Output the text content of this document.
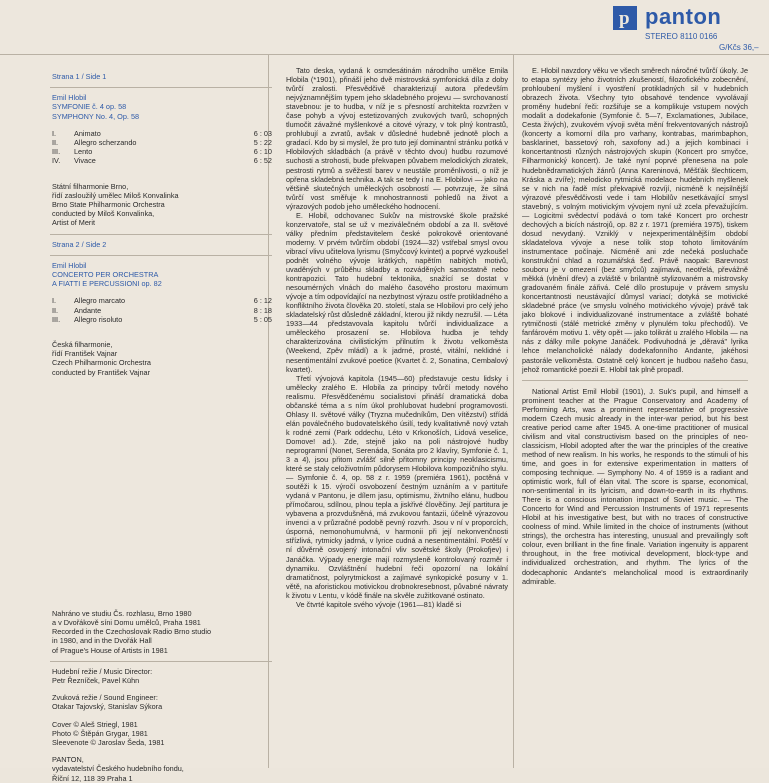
p panton
STEREO 8110 0166
G/Kčs 36,–
Strana 1 / Side 1
Emil Hlobil
SYMFONIE č. 4 op. 58
SYMPHONY No. 4, Op. 58
I. Animato	6 : 03
II. Allegro scherzando	5 : 22
III. Lento	6 : 10
IV. Vivace	6 : 52
Státní filharmonie Brno,
řídí zasloužilý umělec Miloš Konvalinka
Brno State Philharmonic Orchestra
conducted by Miloš Konvalinka,
Artist of Merit
Strana 2 / Side 2
Emil Hlobil
CONCERTO PER ORCHESTRA
A FIATTI E PERCUSSIONI op. 82
I. Allegro marcato	6 : 12
II. Andante	8 : 18
III. Allegro risoluto	5 : 05
Česká filharmonie,
řídí František Vajnar
Czech Philharmonic Orchestra
conducted by František Vajnar
Nahráno ve studiu Čs. rozhlasu, Brno 1980
a v Dvořákově síni Domu umělců, Praha 1981
Recorded in the Czechoslovak Radio Brno studio
in 1980, and in the Dvořák Hall
of Prague's House of Artists in 1981
Hudební režie / Music Director:
Petr Řezníček, Pavel Kühn
Zvuková režie / Sound Engineer:
Otakar Tajovský, Stanislav Sýkora
Cover © Aleš Striegl, 1981
Photo © Štěpán Grygar, 1981
Sleevenote © Jaroslav Šeda, 1981
PANTON,
vydavatelství Českého hudebního fondu,
Říční 12, 118 39 Praha 1

Tato deska, vydaná k osmdesátinám národního umělce Emila Hlobila (*1901), přináší jeho dvě mistrovská symfonická díla z doby tvůrčí zralosti. Přesvědčivě charakterizují autora především nejvýznamnějším typem jeho skladebného projevu — svrchovaností stavebnou: je to hudba, v níž je s přesností architekta rozvržen v čase pohyb a vývoj estetizovaných zvukových tvarů, schopných tlumočit závažné myšlenkové a citové výrazy, v tok plný kontrastů, prohlubují a zvratů, avšak v důsledné hudebně jednotě ploch a gradací. Kdo by si myslel, že pro tuto její dominantní stránku potká v Hlobilových skladbách (a právě v těchto dvou) hudbu rozumové suchosti a strohosti, bude překvapen půvabem melodických zkratek, pestrosti rytmů a svěžestí barev v neustále proměnlivosti, o níž je opřena skladebná technika. A tak se tedy i na E. Hlobilovi — jako na většině skutečných uměleckých osobností — potvrzuje, že silná tvůrčí vost směřuje k mnohostrannosti pohledů na život a výrazových podob jeho uměleckého hodnocení.

E. Hlobil, odchovanec Sukův na mistrovské škole pražské konzervatoře, stal se už v meziválečném období a za II. světové války předním představitelem české pokrokově orientované moderny. V prvém tvůrčím období (1924—32) vstřebal smysl ovou vibrací vlivu učitelova lyrismu (Smyčcový kvintet) a poprvé vyzkoušel podnět volného vývoje krátkých, napětím nabitých motivů, uvaděných v průběhu skladby a rozváděných samostatně nebo kontrapozici. Tato hudební tektonika, snažící se dostat v nesoumérných vlnách do malého časového prostoru maximum vývoje a tím odpovídající na nezbytnost výrazu ostře protikladného a konfliktního života člověka 20. století, stala se Hlobilovi pro celý jeho skladatelský růst důsledně základní, kterou již nikdy nezrušil. — Léta 1933—44 představovala kapitolu tvůrčí individualizace a uměleckého prosazení se. Hlobilova hudba je tehdy charakterizována civilistickým přilnutím k životu velkoměsta (Weekend, Zpěv mládí) a k jadrné, prosté, vitální, neklidné i nesentimentální zvukové poetice (Kvartet č. 2, Sonatina, Cembalový kvartet).

Třetí vývojová kapitola (1945—60) představuje cestu lidsky i umělecky zralého E. Hlobila za principy tvůrčí metody nového realismu. Přesvědčenému socialistovi přináší dramatická doba občanské téma a s ním úkol prohlubovat hudební programovosti. Ohlasy II. světové války (Tryzna mučedníkům, Den vítězství) střídá elán poválečného budovatelského úsilí, tedy kvalitativně nový vztah k rodné zemi (Park oddechu, Léto v Krkonoších, Lidová veselice, Domove! ad.). Zde, stejně jako na poli nástrojové hudby neprogramní (Nonet, Serenáda, Sonáta pro 2 klavíry, Symfonie č. 1, 3 a 4), jsou přitom zvlášť silně přitomny principy neoklasicismu, které se staly celoživotním půdorysem Hlobilova kompozičního stylu. — Symfonie č. 4, op. 58 z r. 1959 (premiéra 1961), poctěná v soutěži k 15. výročí osvobození čestným uznáním a v partituře vydaná v Pantonu, je dílem jasu, optimismu, živtního elánu, hudbou přímočarou, sdílnou, plnou tepla a jiskřivé člověčiny. Její partitura je vybavena a prozvdušněná, má zvukovou fantazii, účelně výrazovou invenci a v průzračné podobě pevný rozvrh. Jsou v ní v proporcích, úsporná, nemonohumulvná, v harmonii při její nekonvenčnosti střízlivá, rytmicky jadrná, v lyrice cudná a nesentimentální. Potěší v ní důvěrně osvojený intonační vliv sovětské školy (Prokofjev) i Janáčka. Výpady energie mají rozmysleně kontrolovaný rozměr i dynamiku. Ozvláštnění hudební řeči opozorní na lokální dramatičnost, polyrytmickost a zajímavé synkopické posuny v 1. větě, na aforistickou motivickou drobnokresebnost, půvabné návraty k životu v Lentu, v kódě finále na skvěle zužitkované ostinato.

Ve čtvrté kapitole svého vývoje (1961—81) kladě si

E. Hlobil navzdory věku ve všech směrech náročné tvůrčí úkoly. Je to etapa syntézy jeho životních zkušeností, filozofického zobecnění, prohloubení myšlení i vyostření protikladných sil v hudebních obrazech života. Všechny tyto obsahové tendence vyvolávají proměny hudební řeči: rozšiřuje se a komplikuje vstupem nových modalit a dodekafonie (Symfonie č. 5—7, Exclamationes, Jubilace, Cesta živých), zvukovém vývoji světa mění frekventovaných nástrojů (koncerty a komorní díla pro varhany, kontrabas, marimbaphon, basklarinet, bassetový roh, saxofony ad.) a jejich kombinaci i koncertantnosti různých nástrojových skupin (Koncert pro smyčce, Filharmonický koncert). Je také nyní poprvé přenesena na pole hudebnědramatických žánrů (Anna Kareninová, Měšťák šlechticem, Kráska a zvíře); melodicko rytmická modelace hudebních myšlenek se v nich na řadě míst překvapivě rozvíjí, nicméně k nejsilnější výrazové přesvědčivosti vede i tam Hlobilův nesetkávající smysl stavebný, s volným motivickým vývojem nyní už zcela převažujícím. — Logicitmi svědectví podává o tom také Koncert pro orchestr dechových a bicích nástrojů, op. 82 z r. 1971 (premiéra 1975), tiskem dosud nevydaný. Vzniklý v nejexperimentálnějším období skladatelova vývoje a nese tolik stop tohoto limitováním instrumentace počínaje. Nicméně ani zde nečeká posluchače konstrukční chlad a rozumářská šeď. Právě naopak: Barevnost souboru je v omezení (bez smyčců) zajímavá, neotřelá, převážně měkká (vlnění dřev) a zvláště v brilantně stylizovaném a mistrovsky gradovaném finále zářivá. Celé dílo prostupuje v právem smyslu koncertantnosti neustávající důmysl variací; dotyká se motivické skladebné práce (ve smyslu volného motivického vývoje) právě tak jako blokové i individualizované instrumentace a zvláště bohaté rytmičnosti (stálé metrické změny v plynulém toku přechodů). Ve fanfárovém motivu 1. věty opět — jako tolikrát u zralého Hlobila — na nás z dálky míle pokyne Janáček. Podivuhodná je „děravá" lyrika lehce melancholické nálady dodekafonního Andante, jakéhosi pastorále velkoměsta. Ostatně celý koncert je hudbou našeho času, jehož romantické poezii E. Hlobil tak plně propadl.

National Artist Emil Hlobil (1901), J. Suk's pupil, and himself a prominent teacher at the Prague Conservatory and Academy of Performing Arts, was a prominent representative of progressive modern Czech music already in the inter-war period, but his best creative period came after 1945. A one-time practitioner of musical civilism and vital constructivism based on the principles of neo-classicism, Hlobil adopted after the war the principles of the creative method of new realism. In his works, he responds to the stimuli of his time, and goes in for extensive experimentation in matters of composing technique. — Symphony No. 4 of 1959 is a radiant and optimistic work, full of élan vital. The score is sparse, economical, non-sentimental in its lyricism, and down-to-earth in its rhythms. There is a conscious intonation impact of Soviet music. — The Concerto for Wind and Percussion Instruments of 1971 represents Hlobil at his investigative best, but with no traces of constructive coolness of mind. While limited in the choice of instruments (without strings), the orchestra has interesting, unusual and prevailingly soft colour, even brilliant in the fine finale. Variation ingenuity is apparent throughout, in the free motivical development, block-type and individualized orchestration, and rhythm. The lyrics of the dodecaphonic Andante's melancholical mood is extraordinarily admirable.
